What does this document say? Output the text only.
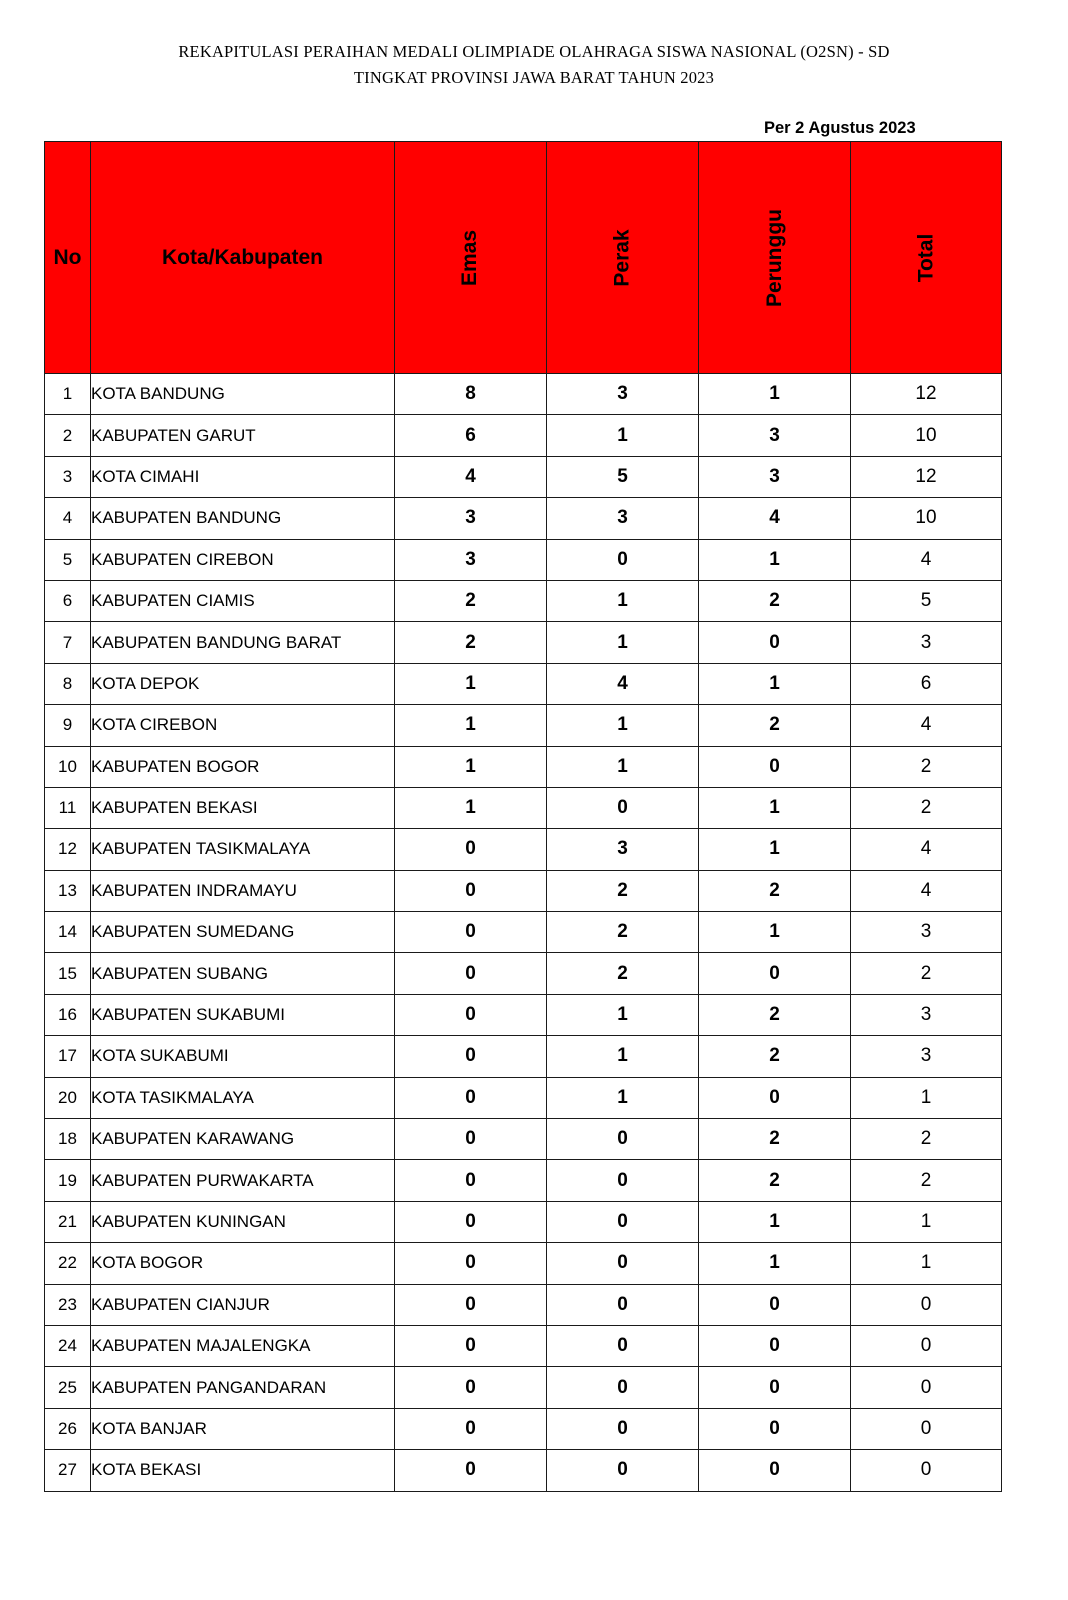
REKAPITULASI PERAIHAN MEDALI OLIMPIADE OLAHRAGA SISWA NASIONAL (O2SN) - SD
TINGKAT PROVINSI JAWA BARAT TAHUN 2023
Per 2 Agustus 2023
No	Kota/Kabupaten	Emas	Perak	Perunggu	Total
1	KOTA BANDUNG	8	3	1	12
2	KABUPATEN GARUT	6	1	3	10
3	KOTA CIMAHI	4	5	3	12
4	KABUPATEN BANDUNG	3	3	4	10
5	KABUPATEN CIREBON	3	0	1	4
6	KABUPATEN CIAMIS	2	1	2	5
7	KABUPATEN BANDUNG BARAT	2	1	0	3
8	KOTA DEPOK	1	4	1	6
9	KOTA CIREBON	1	1	2	4
10	KABUPATEN BOGOR	1	1	0	2
11	KABUPATEN BEKASI	1	0	1	2
12	KABUPATEN TASIKMALAYA	0	3	1	4
13	KABUPATEN INDRAMAYU	0	2	2	4
14	KABUPATEN SUMEDANG	0	2	1	3
15	KABUPATEN SUBANG	0	2	0	2
16	KABUPATEN SUKABUMI	0	1	2	3
17	KOTA SUKABUMI	0	1	2	3
20	KOTA TASIKMALAYA	0	1	0	1
18	KABUPATEN KARAWANG	0	0	2	2
19	KABUPATEN PURWAKARTA	0	0	2	2
21	KABUPATEN KUNINGAN	0	0	1	1
22	KOTA BOGOR	0	0	1	1
23	KABUPATEN CIANJUR	0	0	0	0
24	KABUPATEN MAJALENGKA	0	0	0	0
25	KABUPATEN PANGANDARAN	0	0	0	0
26	KOTA BANJAR	0	0	0	0
27	KOTA BEKASI	0	0	0	0
